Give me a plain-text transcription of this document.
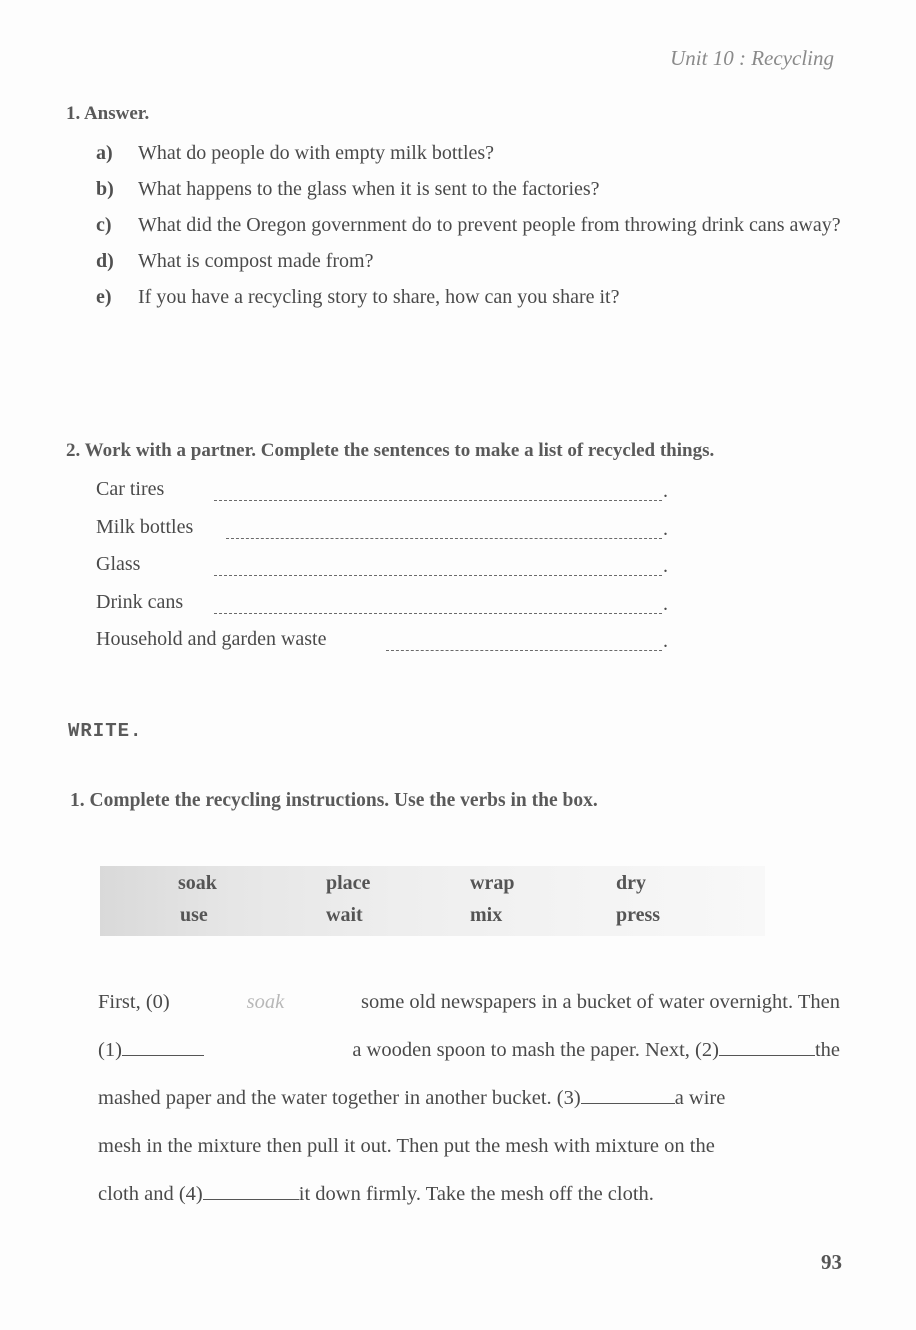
Unit 10 : Recycling
1. Answer.
a)	What do people do with empty milk bottles?
b)	What happens to the glass when it is sent to the factories?
c)	What did the Oregon government do to prevent people from throwing drink cans away?
d)	What is compost made from?
e)	If you have a recycling story to share, how can you share it?
2. Work with a partner. Complete the sentences to make a list of recycled things.
Car tires	.
Milk bottles	.
Glass	.
Drink cans	.
Household and garden waste	.
WRITE.
1. Complete the recycling instructions. Use the verbs in the box.
soak	place	wrap	dry
use	wait	mix	press
First, (0)	soak	some old newspapers in a bucket of water overnight. Then
(1)	a wooden spoon to mash the paper. Next, (2)	the
mashed paper and the water together in another bucket. (3)	a wire
mesh in the mixture then pull it out. Then put the mesh with mixture on the
cloth and (4)	it down firmly. Take the mesh off the cloth.
93
